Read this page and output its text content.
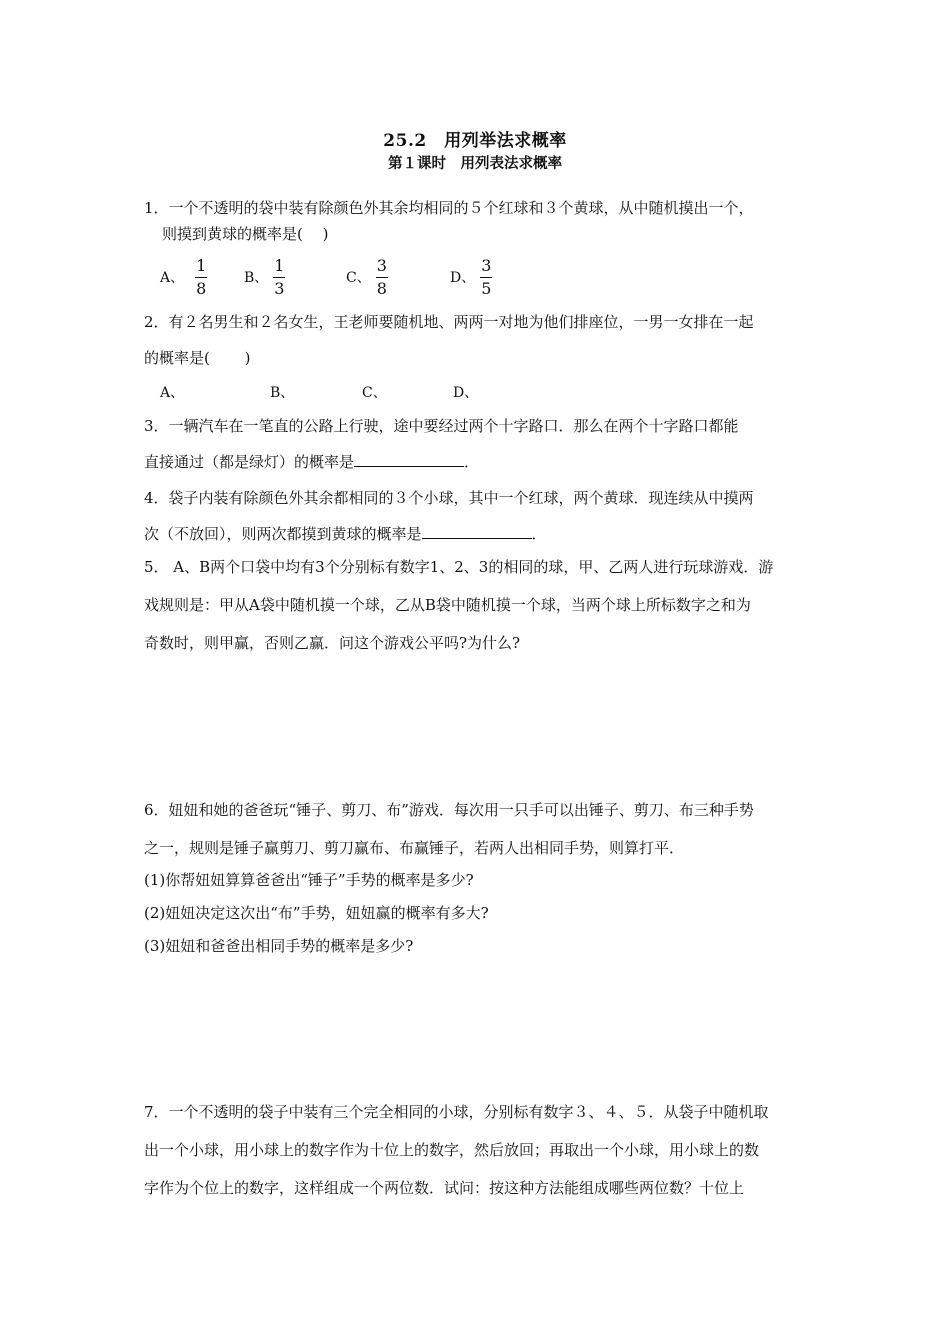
25.2　用列举法求概率
第１课时　用列表法求概率
1．一个不透明的袋中装有除颜色外其余均相同的５个红球和３个黄球，从中随机摸出一个，
则摸到黄球的概率是(　 )
A、 $\frac{1}{8}$	B、 $\frac{1}{3}$	C、 $\frac{3}{8}$	D、 $\frac{3}{5}$
2．有２名男生和２名女生，王老师要随机地、两两一对地为他们排座位，一男一女排在一起
的概率是(　 　)
A、	B、	C、	D、
3．一辆汽车在一笔直的公路上行驶，途中要经过两个十字路口．那么在两个十字路口都能
直接通过（都是绿灯）的概率是	．
4．袋子内装有除颜色外其余都相同的３个小球，其中一个红球，两个黄球．现连续从中摸两
次（不放回），则两次都摸到黄球的概率是	．
5． A、B两个口袋中均有3个分别标有数字1、2、3的相同的球，甲、乙两人进行玩球游戏．游
戏规则是：甲从A袋中随机摸一个球，乙从B袋中随机摸一个球，当两个球上所标数字之和为
奇数时，则甲赢，否则乙赢．问这个游戏公平吗?为什么?
6．妞妞和她的爸爸玩“锤子、剪刀、布”游戏．每次用一只手可以出锤子、剪刀、布三种手势
之一，规则是锤子赢剪刀、剪刀赢布、布赢锤子，若两人出相同手势，则算打平．
(1)你帮妞妞算算爸爸出“锤子”手势的概率是多少?
(2)妞妞决定这次出“布”手势，妞妞赢的概率有多大?
(3)妞妞和爸爸出相同手势的概率是多少?
7．一个不透明的袋子中装有三个完全相同的小球，分别标有数字３、４、５．从袋子中随机取
出一个小球，用小球上的数字作为十位上的数字，然后放回；再取出一个小球，用小球上的数
字作为个位上的数字，这样组成一个两位数．试问：按这种方法能组成哪些两位数？十位上
